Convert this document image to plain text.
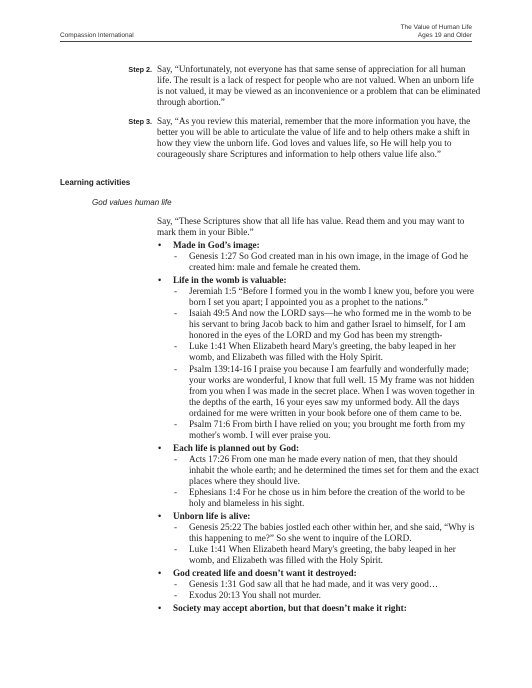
Compassion International
The Value of Human Life
Ages 19 and Older
Step 2. Say, “Unfortunately, not everyone has that same sense of appreciation for all human life. The result is a lack of respect for people who are not valued. When an unborn life is not valued, it may be viewed as an inconvenience or a problem that can be eliminated through abortion.”
Step 3. Say, “As you review this material, remember that the more information you have, the better you will be able to articulate the value of life and to help others make a shift in how they view the unborn life. God loves and values life, so He will help you to courageously share Scriptures and information to help others value life also.”
Learning activities
God values human life
Say, “These Scriptures show that all life has value. Read them and you may want to mark them in your Bible.”
• Made in God’s image:
- Genesis 1:27 So God created man in his own image, in the image of God he created him: male and female he created them.
• Life in the womb is valuable:
- Jeremiah 1:5 “Before I formed you in the womb I knew you, before you were born I set you apart; I appointed you as a prophet to the nations.”
- Isaiah 49:5 And now the LORD says—he who formed me in the womb to be his servant to bring Jacob back to him and gather Israel to himself, for I am honored in the eyes of the LORD and my God has been my strength-
- Luke 1:41 When Elizabeth heard Mary's greeting, the baby leaped in her womb, and Elizabeth was filled with the Holy Spirit.
- Psalm 139:14-16 I praise you because I am fearfully and wonderfully made; your works are wonderful, I know that full well. 15 My frame was not hidden from you when I was made in the secret place. When I was woven together in the depths of the earth, 16 your eyes saw my unformed body. All the days ordained for me were written in your book before one of them came to be.
- Psalm 71:6 From birth I have relied on you; you brought me forth from my mother's womb. I will ever praise you.
• Each life is planned out by God:
- Acts 17:26 From one man he made every nation of men, that they should inhabit the whole earth; and he determined the times set for them and the exact places where they should live.
- Ephesians 1:4 For he chose us in him before the creation of the world to be holy and blameless in his sight.
• Unborn life is alive:
- Genesis 25:22 The babies jostled each other within her, and she said, “Why is this happening to me?” So she went to inquire of the LORD.
- Luke 1:41 When Elizabeth heard Mary's greeting, the baby leaped in her womb, and Elizabeth was filled with the Holy Spirit.
• God created life and doesn’t want it destroyed:
- Genesis 1:31 God saw all that he had made, and it was very good…
- Exodus 20:13 You shall not murder.
• Society may accept abortion, but that doesn’t make it right:
